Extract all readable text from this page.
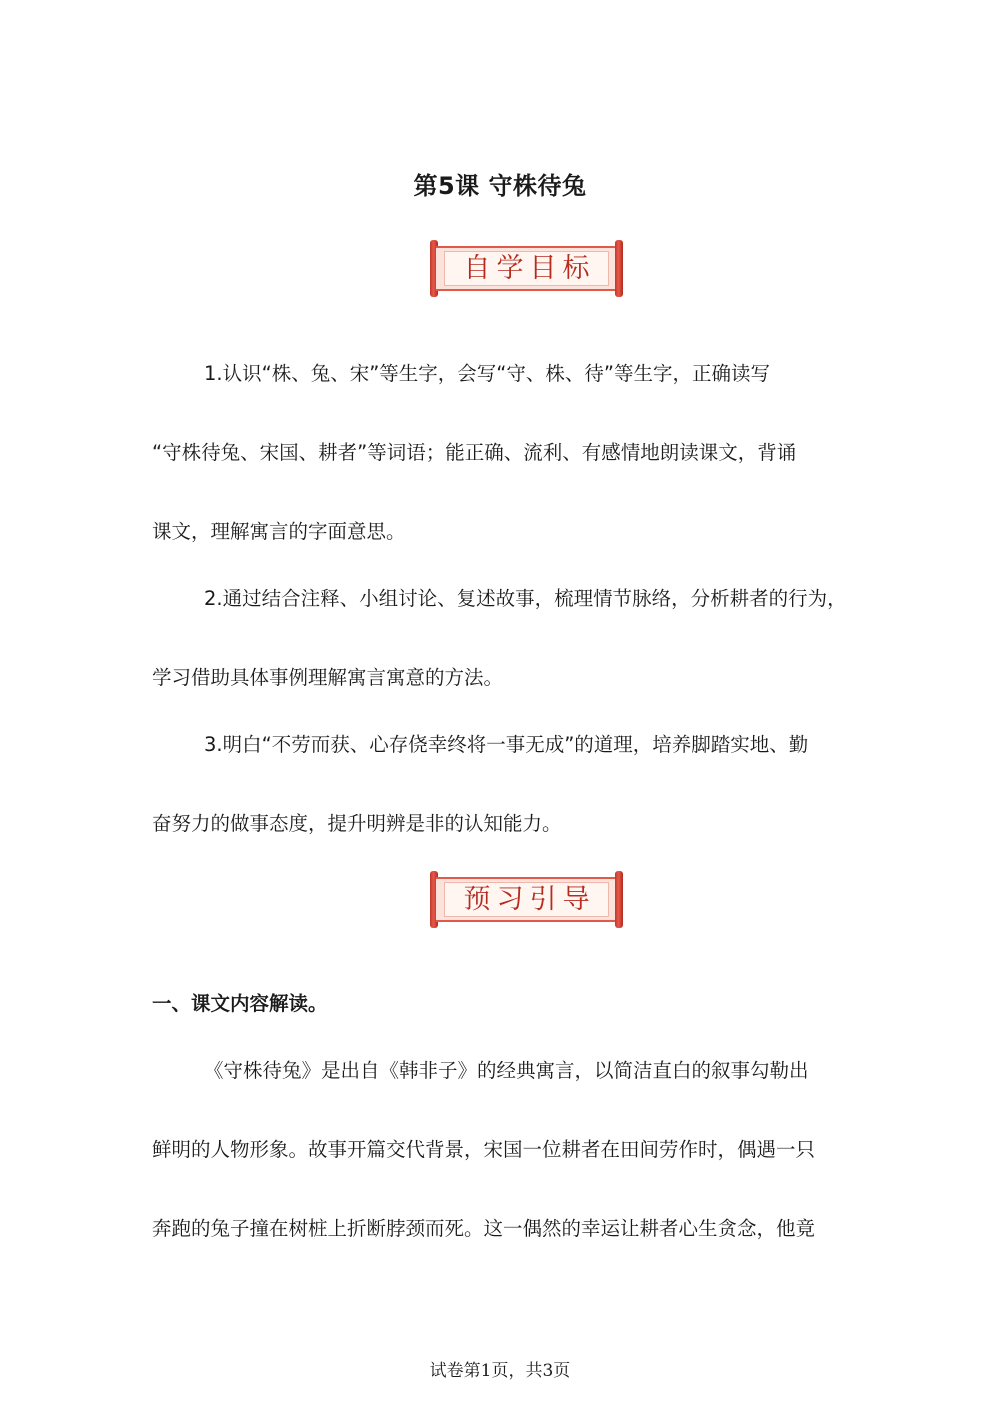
第5课 守株待兔
自学目标
1.认识“株、兔、宋”等生字，会写“守、株、待”等生字，正确读写
“守株待兔、宋国、耕者”等词语；能正确、流利、有感情地朗读课文，背诵
课文，理解寓言的字面意思。
2.通过结合注释、小组讨论、复述故事，梳理情节脉络，分析耕者的行为，
学习借助具体事例理解寓言寓意的方法。
3.明白“不劳而获、心存侥幸终将一事无成”的道理，培养脚踏实地、勤
奋努力的做事态度，提升明辨是非的认知能力。
预习引导
一、课文内容解读。
《守株待兔》是出自《韩非子》的经典寓言，以简洁直白的叙事勾勒出
鲜明的人物形象。故事开篇交代背景，宋国一位耕者在田间劳作时，偶遇一只
奔跑的兔子撞在树桩上折断脖颈而死。这一偶然的幸运让耕者心生贪念，他竟
试卷第1页，共3页
